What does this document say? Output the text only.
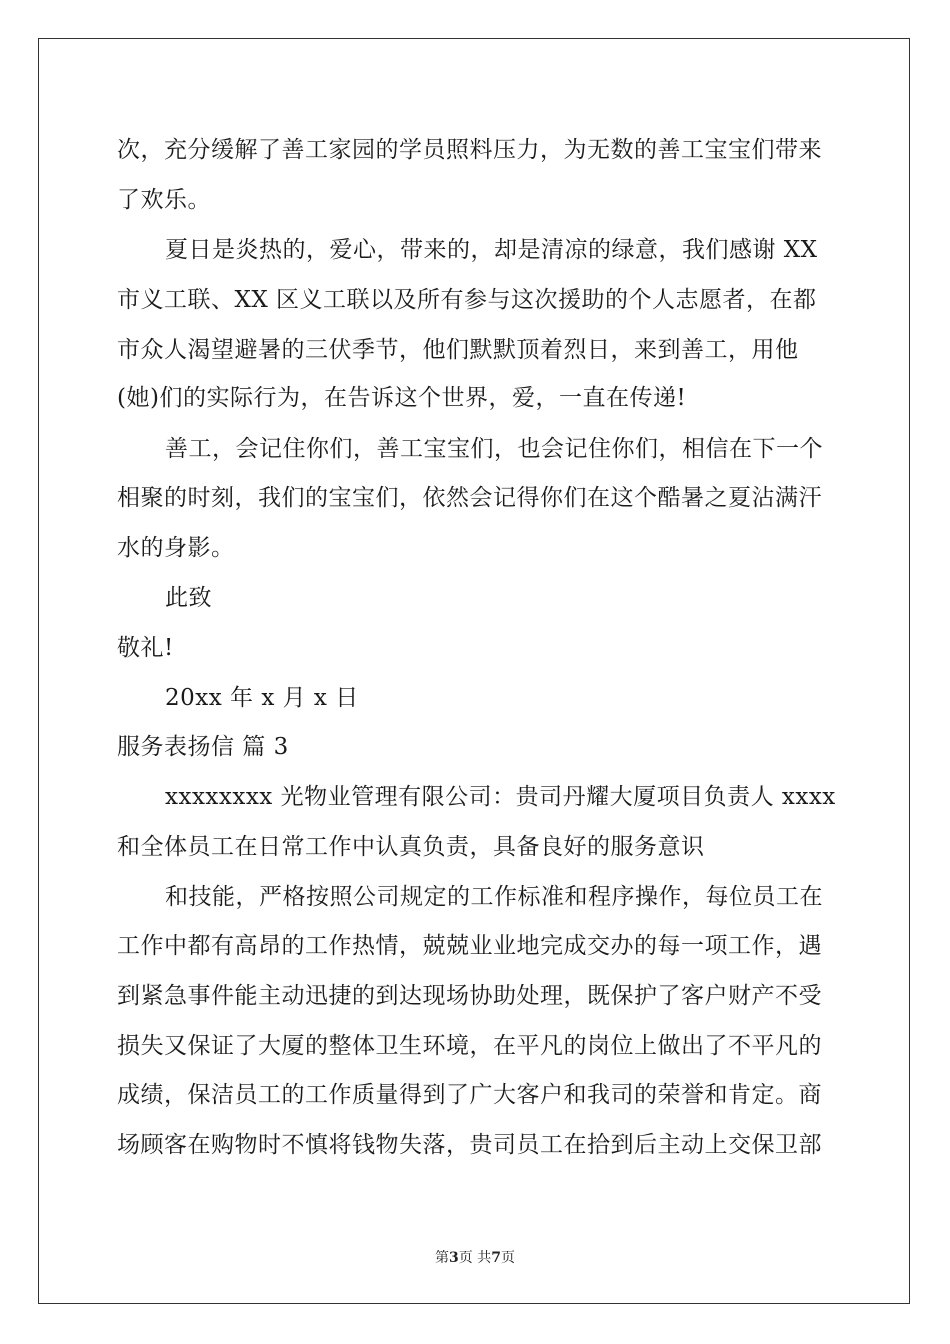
次，充分缓解了善工家园的学员照料压力，为无数的善工宝宝们带来
了欢乐。
夏日是炎热的，爱心，带来的，却是清凉的绿意，我们感谢 XX
市义工联、XX 区义工联以及所有参与这次援助的个人志愿者，在都
市众人渴望避暑的三伏季节，他们默默顶着烈日，来到善工，用他
(她)们的实际行为，在告诉这个世界，爱，一直在传递!
善工，会记住你们，善工宝宝们，也会记住你们，相信在下一个
相聚的时刻，我们的宝宝们，依然会记得你们在这个酷暑之夏沾满汗
水的身影。
此致
敬礼!
20xx 年 x 月 x 日
服务表扬信 篇 3
xxxxxxxx 光物业管理有限公司：贵司丹耀大厦项目负责人 xxxx
和全体员工在日常工作中认真负责，具备良好的服务意识
和技能，严格按照公司规定的工作标准和程序操作，每位员工在
工作中都有高昂的工作热情，兢兢业业地完成交办的每一项工作，遇
到紧急事件能主动迅捷的到达现场协助处理，既保护了客户财产不受
损失又保证了大厦的整体卫生环境，在平凡的岗位上做出了不平凡的
成绩，保洁员工的工作质量得到了广大客户和我司的荣誉和肯定。商
场顾客在购物时不慎将钱物失落，贵司员工在拾到后主动上交保卫部
第3页 共7页
